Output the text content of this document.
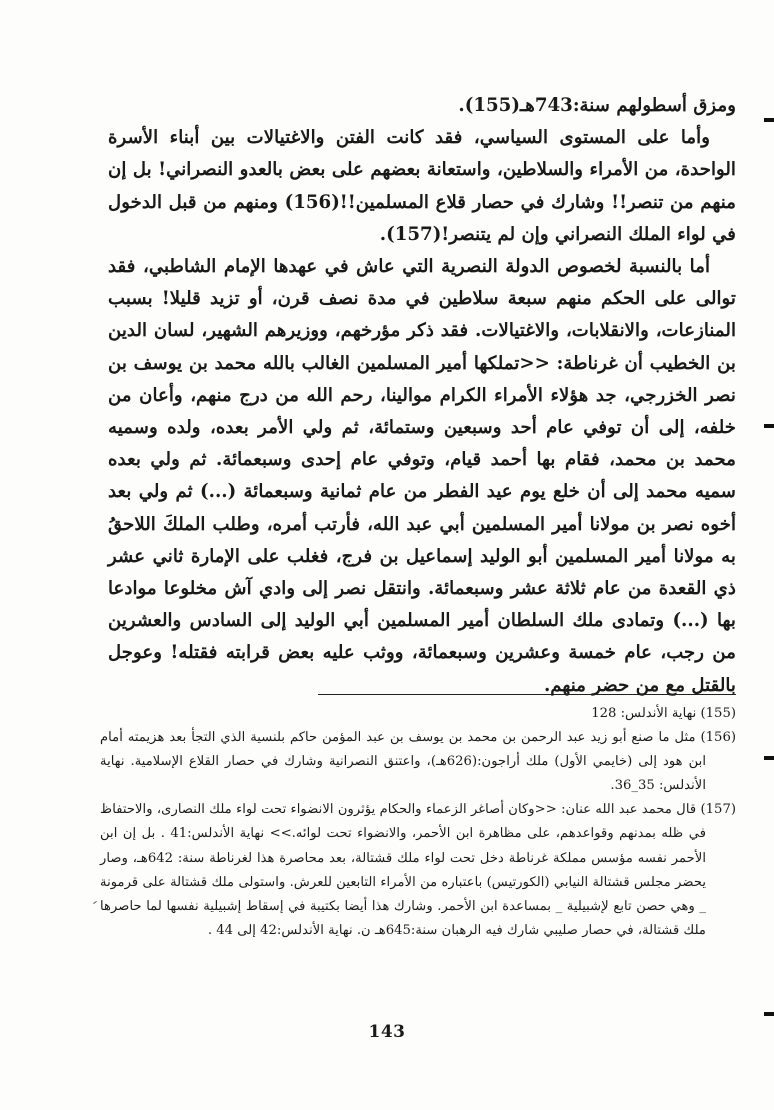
ومزق أسطولهم سنة:743هـ(155).

وأما على المستوى السياسي، فقد كانت الفتن والاغتيالات بين أبناء الأسرة الواحدة، من الأمراء والسلاطين، واستعانة بعضهم على بعض بالعدو النصراني! بل إن منهم من تنصر!! وشارك في حصار قلاع المسلمين!!(156) ومنهم من قبل الدخول في لواء الملك النصراني وإن لم يتنصر!(157).

أما بالنسبة لخصوص الدولة النصرية التي عاش في عهدها الإمام الشاطبي، فقد توالى على الحكم منهم سبعة سلاطين في مدة نصف قرن، أو تزيد قليلا! بسبب المنازعات، والانقلابات، والاغتيالات. فقد ذكر مؤرخهم، ووزيرهم الشهير، لسان الدين بن الخطيب أن غرناطة: <<تملكها أمير المسلمين الغالب بالله محمد بن يوسف بن نصر الخزرجي، جد هؤلاء الأمراء الكرام موالينا، رحم الله من درج منهم، وأعان من خلفه، إلى أن توفي عام أحد وسبعين وستمائة، ثم ولي الأمر بعده، ولده وسميه محمد بن محمد، فقام بها أحمد قيام، وتوفي عام إحدى وسبعمائة. ثم ولي بعده سميه محمد إلى أن خلع يوم عيد الفطر من عام ثمانية وسبعمائة (...) ثم ولي بعد أخوه نصر بن مولانا أمير المسلمين أبي عبد الله، فأرتب أمره، وطلب الملكَ اللاحقُ به مولانا أمير المسلمين أبو الوليد إسماعيل بن فرج، فغلب على الإمارة ثاني عشر ذي القعدة من عام ثلاثة عشر وسبعمائة. وانتقل نصر إلى وادي آش مخلوعا موادعا بها (...) وتمادى ملك السلطان أمير المسلمين أبي الوليد إلى السادس والعشرين من رجب، عام خمسة وعشرين وسبعمائة، ووثب عليه بعض قرابته فقتله! وعوجل بالقتل مع من حضر منهم.

(155) نهاية الأندلس: 128

(156) مثل ما صنع أبو زيد عبد الرحمن بن محمد بن يوسف بن عبد المؤمن حاكم بلنسية الذي التجأ بعد هزيمته أمام ابن هود إلى (خايمي الأول) ملك أراجون:(626هـ)، واعتنق النصرانية وشارك في حصار القلاع الإسلامية. نهاية الأندلس: 35_36.

(157) قال محمد عبد الله عنان: <<وكان أصاغر الزعماء والحكام يؤثرون الانضواء تحت لواء ملك النصارى، والاحتفاظ في ظله بمدنهم وقواعدهم، على مظاهرة ابن الأحمر، والانضواء تحت لوائه.>> نهاية الأندلس:41 . بل إن ابن الأحمر نفسه مؤسس مملكة غرناطة دخل تحت لواء ملك قشتالة، بعد محاصرة هذا لغرناطة سنة: 642هـ، وصار يحضر مجلس قشتالة النيابي (الكورتيس) باعتباره من الأمراء التابعين للعرش. واستولى ملك قشتالة على قرمونة _ وهي حصن تابع لإشبيلية _ بمساعدة ابن الأحمر. وشارك هذا أيضا بكتيبة في إسقاط إشبيلية نفسها لما حاصرها ملك قشتالة، في حصار صليبي شارك فيه الرهبان سنة:645هـ ن. نهاية الأندلس:42 إلى 44 .

143
